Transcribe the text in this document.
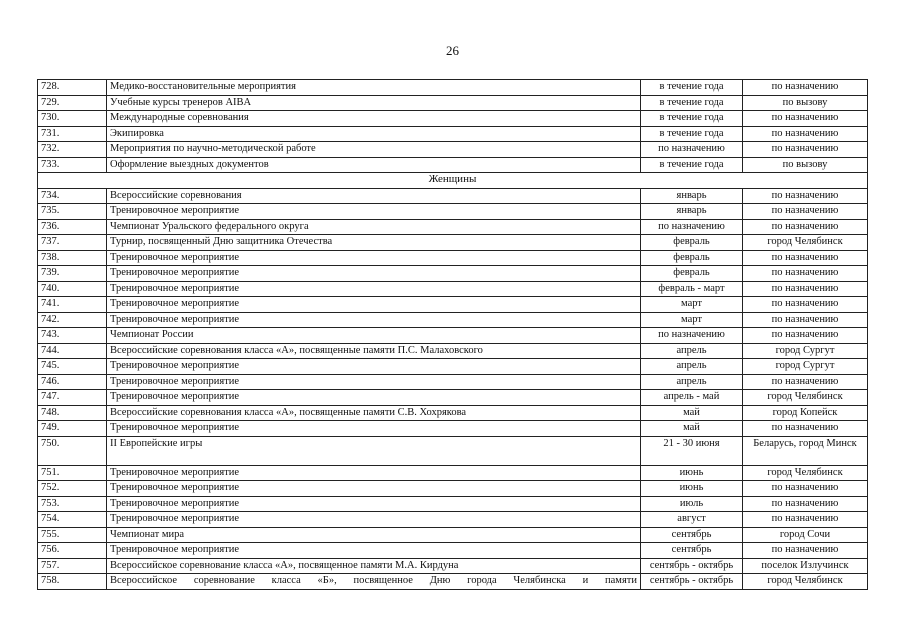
26
728.	Медико-восстановительные мероприятия	в течение года	по назначению
729.	Учебные курсы тренеров AIBA	в течение года	по вызову
730.	Международные соревнования	в течение года	по назначению
731.	Экипировка	в течение года	по назначению
732.	Мероприятия по научно-методической работе	по назначению	по назначению
733.	Оформление выездных документов	в течение года	по вызову
Женщины			
734.	Всероссийские соревнования	январь	по назначению
735.	Тренировочное мероприятие	январь	по назначению
736.	Чемпионат Уральского федерального округа	по назначению	по назначению
737.	Турнир, посвященный Дню защитника Отечества	февраль	город Челябинск
738.	Тренировочное мероприятие	февраль	по назначению
739.	Тренировочное мероприятие	февраль	по назначению
740.	Тренировочное мероприятие	февраль - март	по назначению
741.	Тренировочное мероприятие	март	по назначению
742.	Тренировочное мероприятие	март	по назначению
743.	Чемпионат России	по назначению	по назначению
744.	Всероссийские соревнования класса «А», посвященные памяти П.С. Малаховского	апрель	город Сургут
745.	Тренировочное мероприятие	апрель	город Сургут
746.	Тренировочное мероприятие	апрель	по назначению
747.	Тренировочное мероприятие	апрель - май	город Челябинск
748.	Всероссийские соревнования класса «А», посвященные памяти С.В. Хохрякова	май	город Копейск
749.	Тренировочное мероприятие	май	по назначению
750.	II Европейские игры	21 - 30 июня	Беларусь, город Минск
751.	Тренировочное мероприятие	июнь	город Челябинск
752.	Тренировочное мероприятие	июнь	по назначению
753.	Тренировочное мероприятие	июль	по назначению
754.	Тренировочное мероприятие	август	по назначению
755.	Чемпионат мира	сентябрь	город Сочи
756.	Тренировочное мероприятие	сентябрь	по назначению
757.	Всероссийское соревнование класса «А», посвященное памяти М.А. Кирдуна	сентябрь - октябрь	поселок Излучинск
758.	Всероссийское соревнование класса «Б», посвященное Дню города Челябинска и памяти	сентябрь - октябрь	город Челябинск
